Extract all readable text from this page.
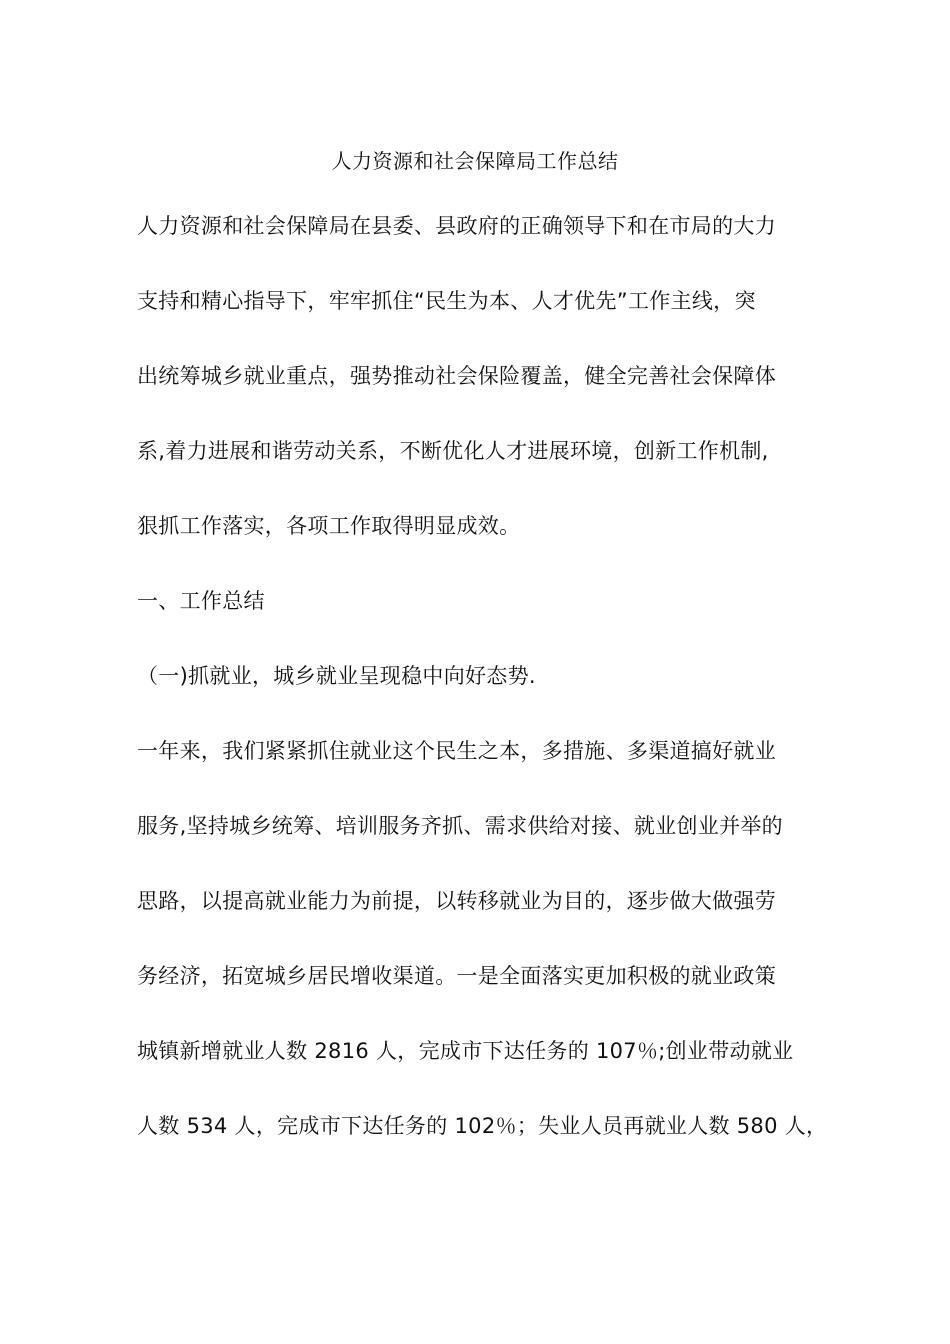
人力资源和社会保障局工作总结
人力资源和社会保障局在县委、县政府的正确领导下和在市局的大力
支持和精心指导下，牢牢抓住“民生为本、人才优先”工作主线，突
出统筹城乡就业重点，强势推动社会保险覆盖，健全完善社会保障体
系,着力进展和谐劳动关系，不断优化人才进展环境，创新工作机制,
狠抓工作落实，各项工作取得明显成效。
一、工作总结
（一)抓就业，城乡就业呈现稳中向好态势.
一年来，我们紧紧抓住就业这个民生之本，多措施、多渠道搞好就业
服务,坚持城乡统筹、培训服务齐抓、需求供给对接、就业创业并举的
思路，以提高就业能力为前提，以转移就业为目的，逐步做大做强劳
务经济，拓宽城乡居民增收渠道。一是全面落实更加积极的就业政策
城镇新增就业人数 2816 人，完成市下达任务的 107％;创业带动就业
人数 534 人，完成市下达任务的 102％；失业人员再就业人数 580 人，
